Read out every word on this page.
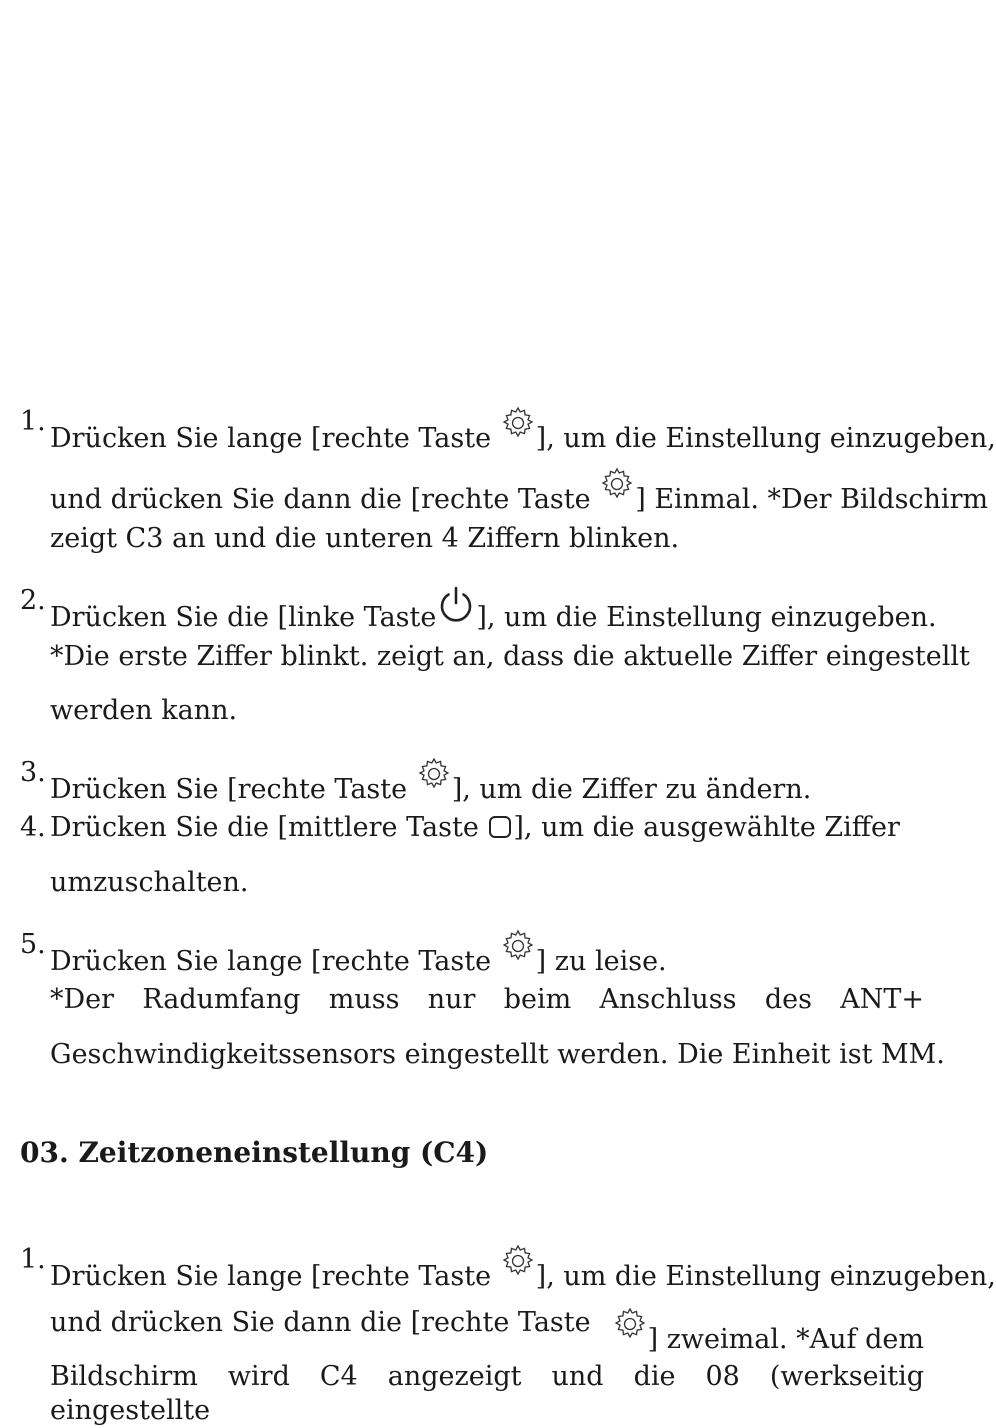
1.
Drücken Sie lange [rechte Taste ], um die Einstellung einzugeben,
und drücken Sie dann die [rechte Taste ] Einmal. *Der Bildschirm
zeigt C3 an und die unteren 4 Ziffern blinken.
2.
Drücken Sie die [linke Taste ], um die Einstellung einzugeben.
*Die erste Ziffer blinkt. zeigt an, dass die aktuelle Ziffer eingestellt
werden kann.
3.
Drücken Sie [rechte Taste ], um die Ziffer zu ändern.
4. Drücken Sie die [mittlere Taste ], um die ausgewählte Ziffer
umzuschalten.
5.
Drücken Sie lange [rechte Taste ] zu leise.
*Der Radumfang muss nur beim Anschluss des ANT+
Geschwindigkeitssensors eingestellt werden. Die Einheit ist MM.
03. Zeitzoneneinstellung (C4)
1.
Drücken Sie lange [rechte Taste ], um die Einstellung einzugeben,
und drücken Sie dann die [rechte Taste
] zweimal. *Auf dem
Bildschirm wird C4 angezeigt und die 08 (werkseitig eingestellte
